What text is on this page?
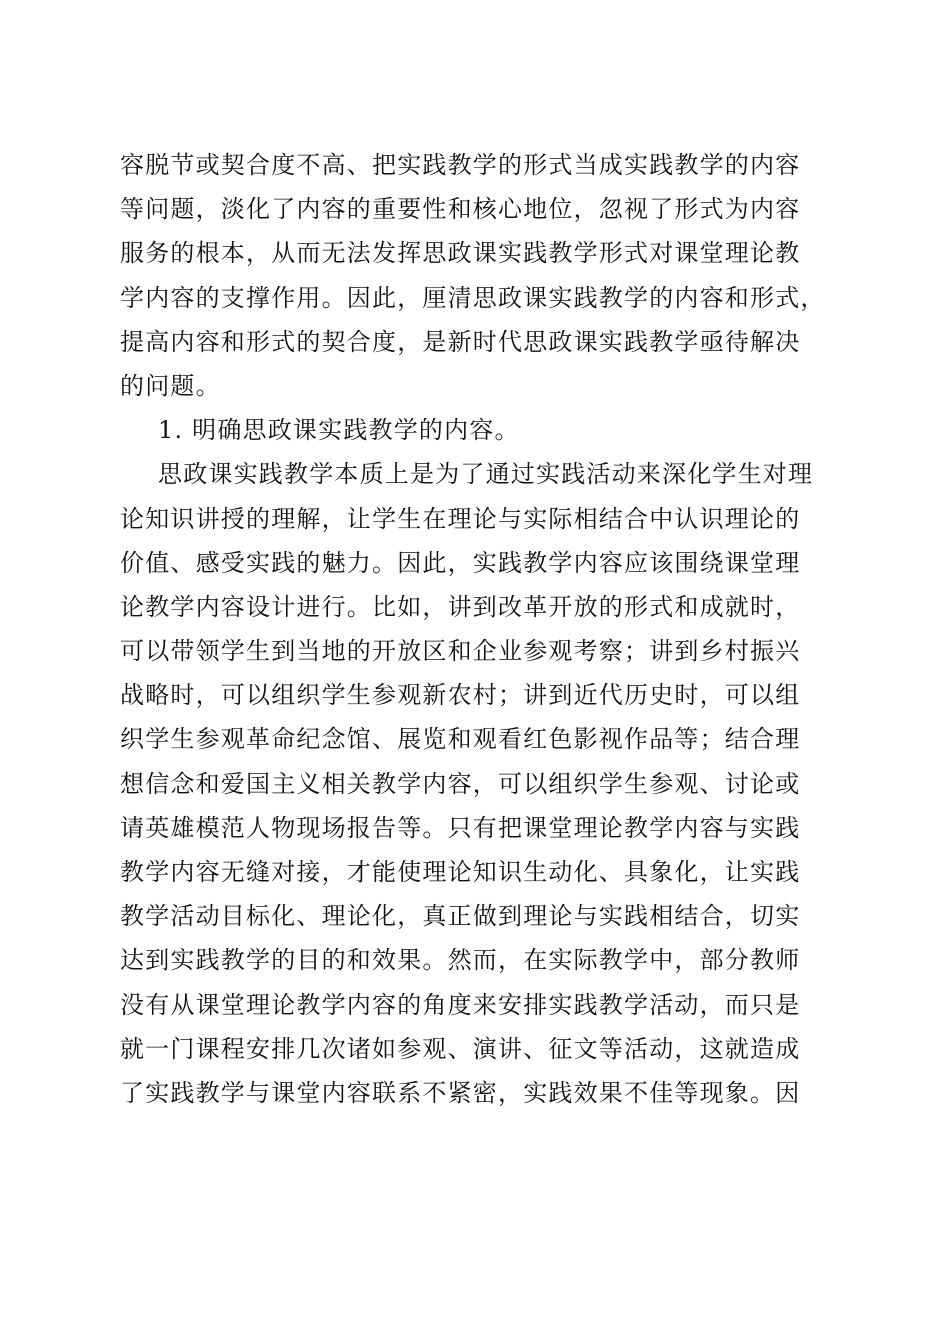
容脱节或契合度不高、把实践教学的形式当成实践教学的内容
等问题，淡化了内容的重要性和核心地位，忽视了形式为内容
服务的根本，从而无法发挥思政课实践教学形式对课堂理论教
学内容的支撑作用。因此，厘清思政课实践教学的内容和形式，
提高内容和形式的契合度，是新时代思政课实践教学亟待解决
的问题。
1. 明确思政课实践教学的内容。
思政课实践教学本质上是为了通过实践活动来深化学生对理
论知识讲授的理解，让学生在理论与实际相结合中认识理论的
价值、感受实践的魅力。因此，实践教学内容应该围绕课堂理
论教学内容设计进行。比如，讲到改革开放的形式和成就时，
可以带领学生到当地的开放区和企业参观考察；讲到乡村振兴
战略时，可以组织学生参观新农村；讲到近代历史时，可以组
织学生参观革命纪念馆、展览和观看红色影视作品等；结合理
想信念和爱国主义相关教学内容，可以组织学生参观、讨论或
请英雄模范人物现场报告等。只有把课堂理论教学内容与实践
教学内容无缝对接，才能使理论知识生动化、具象化，让实践
教学活动目标化、理论化，真正做到理论与实践相结合，切实
达到实践教学的目的和效果。然而，在实际教学中，部分教师
没有从课堂理论教学内容的角度来安排实践教学活动，而只是
就一门课程安排几次诸如参观、演讲、征文等活动，这就造成
了实践教学与课堂内容联系不紧密，实践效果不佳等现象。因
